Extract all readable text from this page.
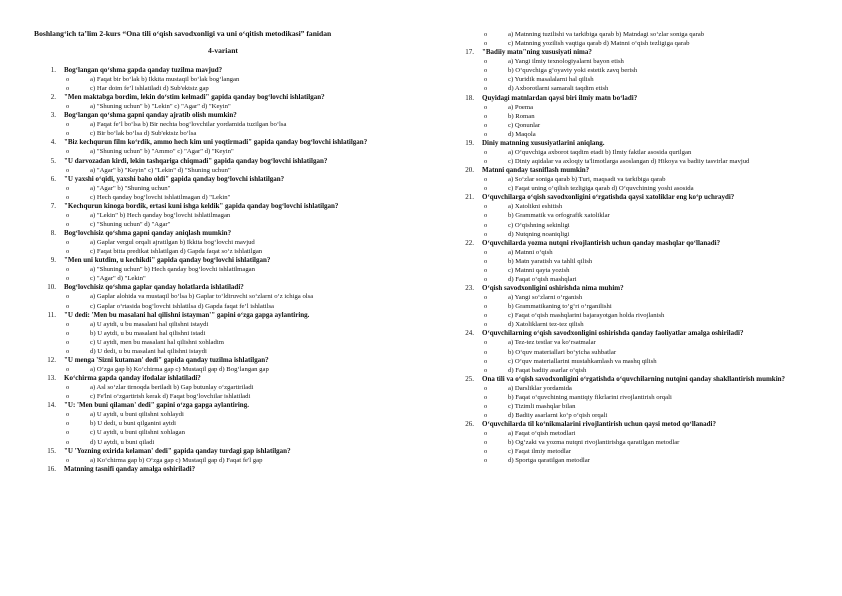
Boshlang‘ich ta’lim 2-kurs “Ona tili o‘qish savodxonligi va uni o‘qitish metodikasi” fanidan
4-variant
1. Bog‘langan qo‘shma gapda qanday tuzilma mavjud?
o	a) Faqat bir bo‘lak b) Ikkita mustaqil bo‘lak bog‘langan
o	c) Har doim fe’l ishlatiladi d) Sub'ektsiz gap
2. "Men maktabga bordim, lekin do‘stim kelmadi" gapida qanday bog‘lovchi ishlatilgan?
o	a) "Shuning uchun" b) "Lekin" c) "Agar" d) "Keyin"
3. Bog‘langan qo‘shma gapni qanday ajratib olish mumkin?
o	a) Faqat fe’l bo‘lsa b) Bir nechta bog‘lovchilar yordamida tuzilgan bo‘lsa
o	c) Bir bo‘lak bo‘lsa d) Sub'ektsiz bo‘lsa
4. "Biz kechqurun film ko‘rdik, ammo hech kim uni yoqtirmadi" gapida qanday bog‘lovchi ishlatilgan?
o	a) "Shuning uchun" b) "Ammo" c) "Agar" d) "Keyin"
5. "U darvozadan kirdi, lekin tashqariga chiqmadi" gapida qanday bog‘lovchi ishlatilgan?
o	a) "Agar" b) "Keyin" c) "Lekin" d) "Shuning uchun"
6. "U yaxshi o‘qidi, yaxshi baho oldi" gapida qanday bog‘lovchi ishlatilgan?
o	a) "Agar" b) "Shuning uchun"
o	c) Hech qanday bog‘lovchi ishlatilmagan d) "Lekin"
7. "Kechqurun kinoga bordik, ertasi kuni ishga keldik" gapida qanday bog‘lovchi ishlatilgan?
o	a) "Lekin" b) Hech qanday bog‘lovchi ishlatilmagan
o	c) "Shuning uchun" d) "Agar"
8. Bog‘lovchisiz qo‘shma gapni qanday aniqlash mumkin?
o	a) Gaplar vergul orqali ajratilgan b) Ikkita bog‘lovchi mavjud
o	c) Faqat bitta predikat ishlatilgan d) Gapda faqat so‘z ishlatilgan
9. "Men uni kutdim, u kechikdi" gapida qanday bog‘lovchi ishlatilgan?
o	a) "Shuning uchun" b) Hech qanday bog‘lovchi ishlatilmagan
o	c) "Agar" d) "Lekin"
10. Bog‘lovchisiz qo‘shma gaplar qanday holatlarda ishlatiladi?
o	a) Gaplar alohida va mustaqil bo‘lsa b) Gaplar to‘ldiruvchi so‘zlarni o‘z ichiga olsa
o	c) Gaplar o‘rtasida bog‘lovchi ishlatilsa d) Gapda faqat fe’l ishlatilsa
11. "U dedi: 'Men bu masalani hal qilishni istayman'" gapini o‘zga gapga aylantiring.
o	a) U aytdi, u bu masalani hal qilishni istaydi
o	b) U aytdi, u bu masalani hal qilishni istadi
o	c) U aytdi, men bu masalani hal qilishni xohladim
o	d) U dedi, u bu masalani hal qilishni istaydi
12. "U menga 'Sizni kutaman' dedi" gapida qanday tuzilma ishlatilgan?
o	a) O‘zga gap b) Ko‘chirma gap c) Mustaqil gap d) Bog‘langan gap
13. Ko‘chirma gapda qanday ifodalar ishlatiladi?
o	a) Asl so‘zlar tirnoqda beriladi b) Gap butunlay o‘zgartiriladi
o	c) Fe'lni o‘zgartirish kerak d) Faqat bog‘lovchilar ishlatiladi
14. "U: 'Men buni qilaman' dedi" gapini o‘zga gapga aylantiring.
o	a) U aytdi, u buni qilishni xohlaydi
o	b) U dedi, u buni qilganini aytdi
o	c) U aytdi, u buni qilishni xohlagan
o	d) U aytdi, u buni qiladi
15. "U 'Yozning oxirida kelaman' dedi" gapida qanday turdagi gap ishlatilgan?
o	a) Ko‘chirma gap b) O‘zga gap c) Mustaqil gap d) Faqat fe'l gap
16. Matnning tasnifi qanday amalga oshiriladi?
o	a) Matnning tuzilishi va tarkibiga qarab b) Matndagi so‘zlar soniga qarab
o	c) Matnning yozilish vaqtiga qarab d) Matnni o‘qish tezligiga qarab
17. "Badiiy matn"ning xususiyati nima?
o	a) Yangi ilmiy texnologiyalarni bayon etish
o	b) O‘quvchiga g‘oyaviy yoki estetik zavq berish
o	c) Yuridik masalalarni hal qilish
o	d) Axborotlarni samarali taqdim etish
18. Quyidagi matnlardan qaysi biri ilmiy matn bo‘ladi?
o	a) Poema
o	b) Roman
o	c) Qonunlar
o	d) Maqola
19. Diniy matnning xususiyatlarini aniqlang.
o	a) O‘quvchiga axborot taqdim etadi b) Ilmiy faktlar asosida qurilgan
o	c) Diniy aqidalar va axloqiy ta'limotlarga asoslangan d) Hikoya va badiiy tasvirlar mavjud
20. Matnni qanday tasniflash mumkin?
o	a) So‘zlar soniga qarab b) Turi, maqsadi va tarkibiga qarab
o	c) Faqat uning o‘qilish tezligiga qarab d) O‘quvchining yoshi asosida
21. O‘quvchilarga o‘qish savodxonligini o‘rgatishda qaysi xatoliklar eng ko‘p uchraydi?
o	a) Xatolikni eshitish
o	b) Grammatik va orfografik xatoliklar
o	c) O‘qishning sekinligi
o	d) Nutqning noaniqligi
22. O‘quvchilarda yozma nutqni rivojlantirish uchun qanday mashqlar qo‘llanadi?
o	a) Matnni o‘qish
o	b) Matn yaratish va tahlil qilish
o	c) Matnni qayta yozish
o	d) Faqat o‘qish mashqlari
23. O‘qish savodxonligini oshirishda nima muhim?
o	a) Yangi so‘zlarni o‘rganish
o	b) Grammatikaning to‘g‘ri o‘rganilishi
o	c) Faqat o‘qish mashqlarini bajarayotgan holda rivojlanish
o	d) Xatoliklarni tez-tez qilish
24. O‘quvchilarning o‘qish savodxonligini oshirishda qanday faoliyatlar amalga oshiriladi?
o	a) Tez-tez testlar va ko‘rsatmalar
o	b) O‘quv materiallari bo‘yicha suhbatlar
o	c) O‘quv materiallarini mustahkamlash va mashq qilish
o	d) Faqat badiiy asarlar o‘qish
25. Ona tili va o‘qish savodxonligini o‘rgatishda o‘quvchilarning nutqini qanday shakllantirish mumkin?
o	a) Darsliklar yordamida
o	b) Faqat o‘quvchining mantiqiy fikrlarini rivojlantirish orqali
o	c) Tizimli mashqlar bilan
o	d) Badiiy asarlarni ko‘p o‘qish orqali
26. O‘quvchilarda til ko‘nikmalarini rivojlantirish uchun qaysi metod qo‘llanadi?
o	a) Faqat o‘qish metodlari
o	b) Og‘zaki va yozma nutqni rivojlantirishga qaratilgan metodlar
o	c) Faqat ilmiy metodlar
o	d) Sportga qaratilgan metodlar
